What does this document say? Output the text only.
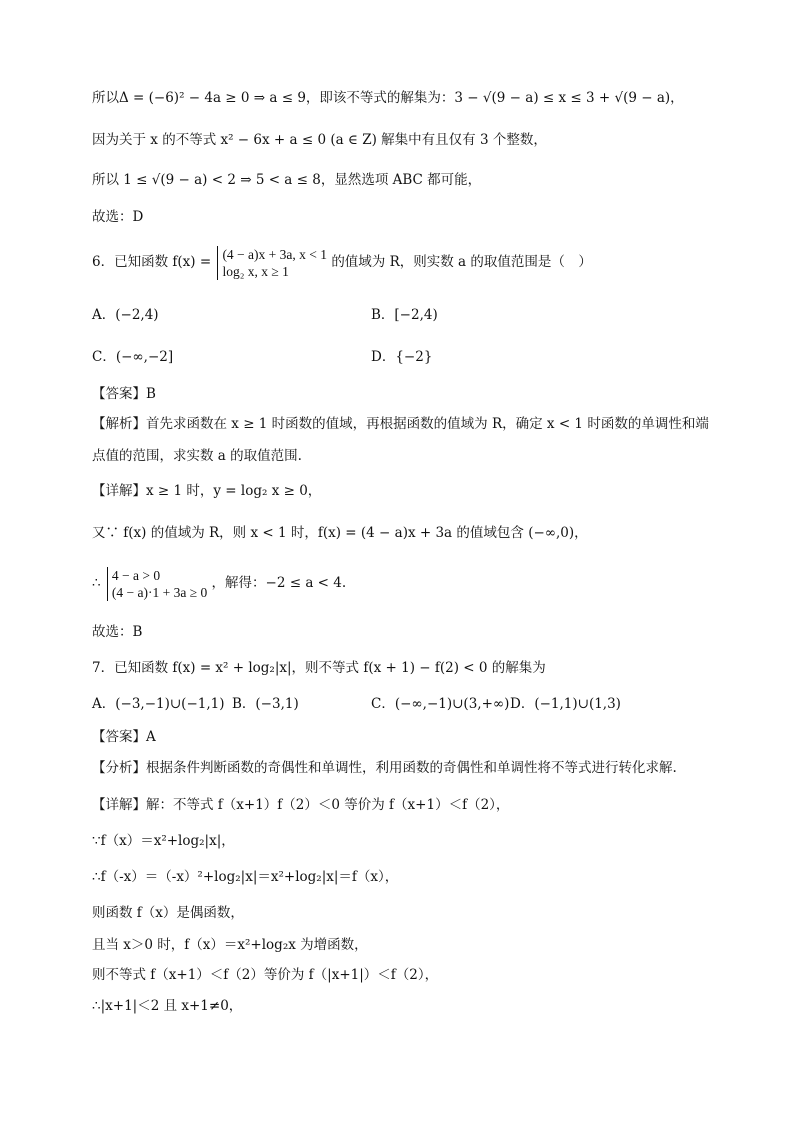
所以Δ = (−6)² − 4a ≥ 0 ⇒ a ≤ 9，即该不等式的解集为：3 − √(9 − a) ≤ x ≤ 3 + √(9 − a)，
因为关于 x 的不等式 x² − 6x + a ≤ 0 (a ∈ Z) 解集中有且仅有 3 个整数，
所以 1 ≤ √(9 − a) < 2 ⇒ 5 < a ≤ 8，显然选项 ABC 都可能，
故选：D
6．已知函数 f(x) = (4 − a)x + 3a, x < 1
log₂ x, x ≥ 1
的值域为 R，则实数 a 的取值范围是（　）
A．(−2,4)	B．[−2,4)
C．(−∞,−2]	D．{−2}
【答案】B
【解析】首先求函数在 x ≥ 1 时函数的值域，再根据函数的值域为 R，确定 x < 1 时函数的单调性和端
点值的范围，求实数 a 的取值范围.
【详解】x ≥ 1 时，y = log₂ x ≥ 0，
又∵ f(x) 的值域为 R，则 x < 1 时，f(x) = (4 − a)x + 3a 的值域包含 (−∞,0)，
∴ 4 − a > 0
(4 − a)·1 + 3a ≥ 0
，解得：−2 ≤ a < 4.
故选：B
7．已知函数 f(x) = x² + log₂|x|，则不等式 f(x + 1) − f(2) < 0 的解集为
A．(−3,−1)∪(−1,1) B．(−3,1)	C．(−∞,−1)∪(3,+∞) D．(−1,1)∪(1,3)
【答案】A
【分析】根据条件判断函数的奇偶性和单调性，利用函数的奇偶性和单调性将不等式进行转化求解.
【详解】解：不等式 f（x+1）f（2）＜0 等价为 f（x+1）＜f（2），
∵f（x）＝x²+log₂|x|，
∴f（-x）＝（-x）²+log₂|x|＝x²+log₂|x|＝f（x），
则函数 f（x）是偶函数，
且当 x＞0 时，f（x）＝x²+log₂x 为增函数，
则不等式 f（x+1）＜f（2）等价为 f（|x+1|）＜f（2），
∴|x+1|＜2 且 x+1≠0，
